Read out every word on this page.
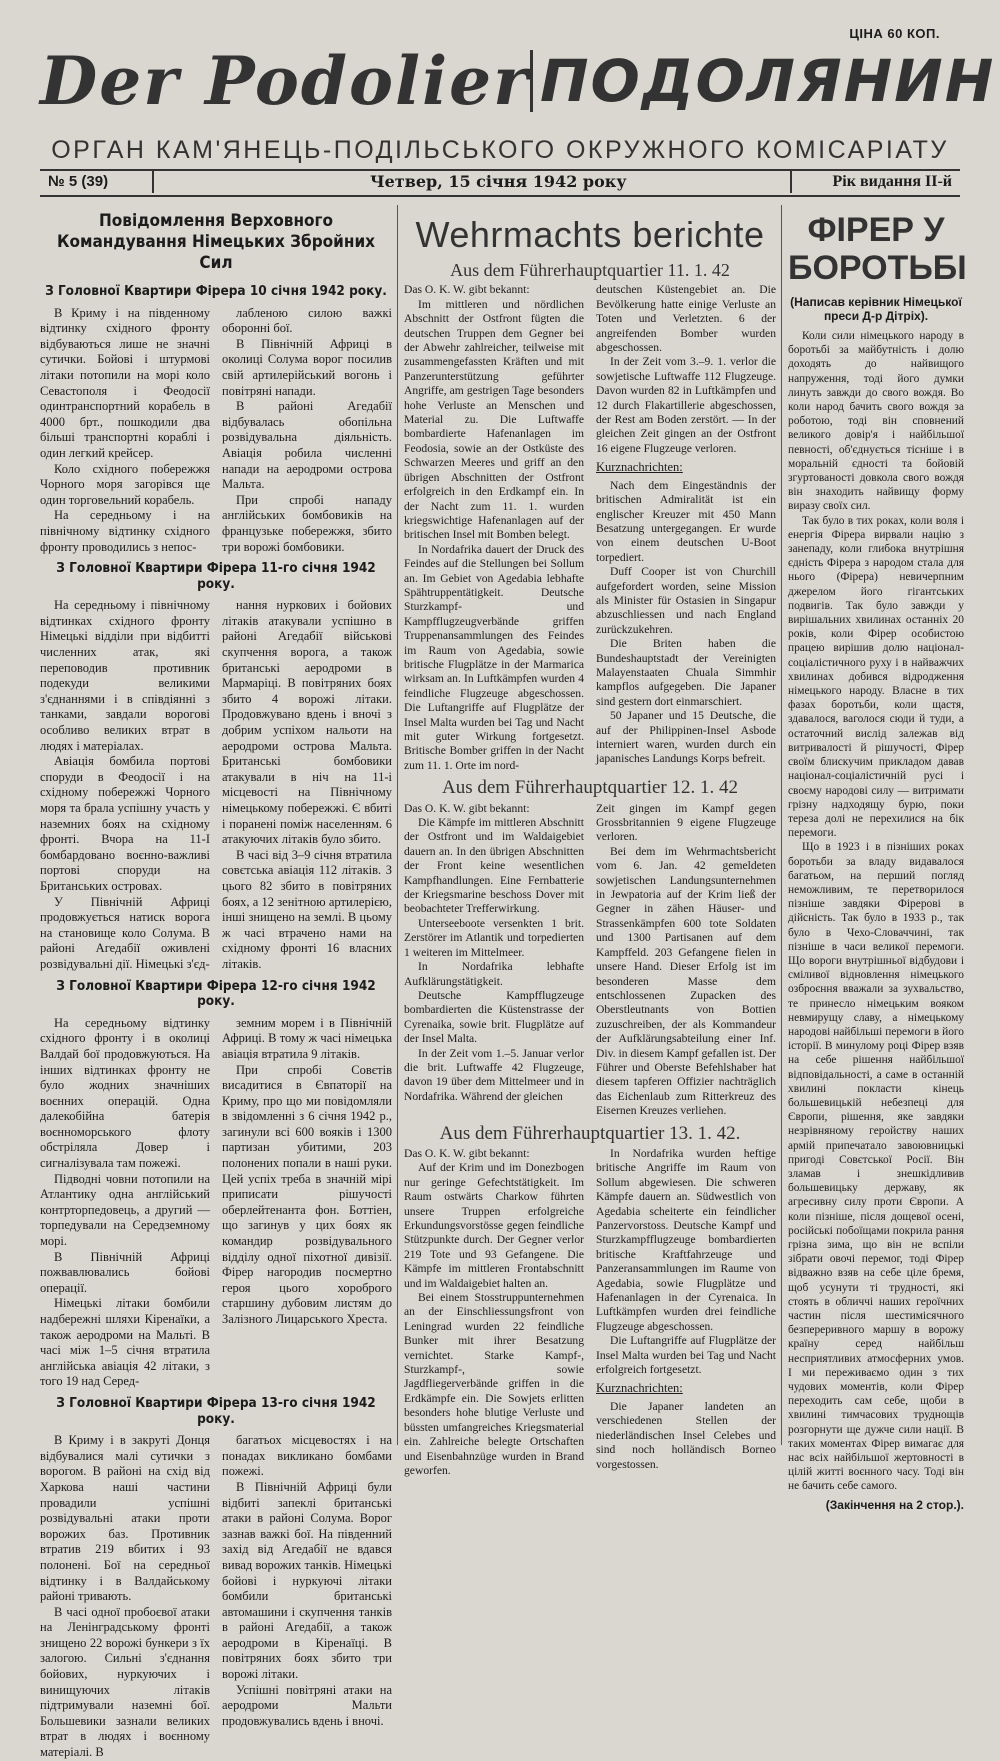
ЦІНА 60 КОП.
Der Podolier ПОДОЛЯНИН
ОРГАН КАМ'ЯНЕЦЬ-ПОДІЛЬСЬКОГО ОКРУЖНОГО КОМІСАРІАТУ
№ 5 (39)	Четвер, 15 січня 1942 року	Рік видання ІІ-й
Повідомлення Верховного Командування Німецьких Збройних Сил
З Головної Квартири Фірера 10 січня 1942 року.

В Криму і на південному відтинку східного фронту відбуваються лише не значні сутички. Бойові і штурмові літаки потопили на морі коло Севастополя і Феодосії одинтранспортний корабель в 4000 брт., пошкодили два більші транспортні кораблі і один легкий крейсер.

Коло східного побережжя Чорного моря загорівся ще один торговельний корабель.

На середньому і на північному відтинку східного фронту проводились з непос-

лабленою силою важкі оборонні бої.

В Північній Африці в околиці Солума ворог посилив свій артилерійський вогонь і повітряні напади.

В районі Агедабії відбувалась обопільна розвідувальна діяльність. Авіація робила численні напади на аеродроми острова Мальта.

При спробі нападу англійських бомбовиків на французьке побережжя, збито три ворожі бомбовики.

З Головної Квартири Фірера 11-го січня 1942 року.

На середньому і північному відтинках східного фронту Німецькі відділи при відбитті численних атак, які переповодив противник подекуди великими з'єднаннями і в співдіянні з танками, завдали ворогові особливо великих втрат в людях і матеріалах.

Авіація бомбила портові споруди в Феодосії і на східному побережжі Чорного моря та брала успішну участь у наземних боях на східному фронті. Вчора на 11-І бомбардовано воєнно-важливі портові споруди на Британських островах.

У Північній Африці продовжується натиск ворога на становище коло Солума. В районі Агедабії оживлені розвідувальні дії. Німецькі з'єд-

нання нуркових і бойових літаків атакували успішно в районі Агедабії військові скупчення ворога, а також британські аеродроми в Мармаріці. В повітряних боях збито 4 ворожі літаки. Продовжувано вдень і вночі з добрим успіхом нальоти на аеродроми острова Мальта. Британські бомбовики атакували в ніч на 11-і місцевості на Північному німецькому побережжі. Є вбиті і поранені поміж населенням. 6 атакуючих літаків було збито.

В часі від 3–9 січня втратила совєтська авіація 112 літаків. З цього 82 збито в повітряних боях, а 12 зенітною артилерією, інші знищено на землі. В цьому ж часі втрачено нами на східному фронті 16 власних літаків.

З Головної Квартири Фірера 12-го січня 1942 року.

На середньому відтинку східного фронту і в околиці Валдай бої продовжуються. На інших відтинках фронту не було жодних значніших воєнних операцій. Одна далекобійна батерія воєнноморського флоту обстріляла Довер і сигналізувала там пожежі.

Підводні човни потопили на Атлантику одна англійський контрторпедовець, а другий — торпедували на Середземному морі.

В Північній Африці пожвавлювались бойові операції.

Німецькі літаки бомбили надбережні шляхи Кіренаїки, а також аеродроми на Мальті. В часі між 1–5 січня втратила англійська авіація 42 літаки, з того 19 над Серед-

земним морем і в Північній Африці. В тому ж часі німецька авіація втратила 9 літаків.

При спробі Совєтів висадитися в Євпаторії на Криму, про що ми повідомляли в звідомленні з 6 січня 1942 р., загинули всі 600 вояків і 1300 партизан убитими, 203 полонених попали в наші руки. Цей успіх треба в значній мірі приписати рішучості оберлейтенанта фон. Боттіен, що загинув у цих боях як командир розвідувального відділу одної піхотної дивізії. Фірер нагородив посмертно героя цього хороброго старшину дубовим листям до Залізного Лицарського Хреста.

З Головної Квартири Фірера 13-го січня 1942 року.

В Криму і в закруті Донця відбувалися малі сутички з ворогом. В районі на схід від Харкова наші частини провадили успішні розвідувальні атаки проти ворожих баз. Противник втратив 219 вбитих і 93 полонені. Бої на середньої відтинку і в Валдайському районі тривають.

В часі одної пробоєвої атаки на Ленінградському фронті знищено 22 ворожі бункери з їх залогою. Сильні з'єднання бойових, нуркуючих і винищуючих літаків підтримували наземні бої. Большевики зазнали великих втрат в людях і воєнному матеріалі. В

багатьох місцевостях і на понадах викликано бомбами пожежі.

В Північній Африці були відбиті запеклі британські атаки в районі Солума. Ворог зазнав важкі бої. На південний захід від Агедабії не вдався вивад ворожих танків. Німецькі бойові і нуркуючі літаки бомбили британські автомашини і скупчення танків в районі Агедабії, а також аеродроми в Кіренаїці. В повітряних боях збито три ворожі літаки.

Успішні повітряні атаки на аеродроми Мальти продовжувались вдень і вночі.

Wehrmachts berichte
Aus dem Führerhauptquartier 11. 1. 42

Das O. K. W. gibt bekannt:

Im mittleren und nördlichen Abschnitt der Ostfront fügten die deutschen Truppen dem Gegner bei der Abwehr zahlreicher, teilweise mit zusammengefassten Kräften und mit Panzerunterstützung geführter Angriffe, am gestrigen Tage besonders hohe Verluste an Menschen und Material zu. Die Luftwaffe bombardierte Hafenanlagen im Feodosia, sowie an der Ostküste des Schwarzen Meeres und griff an den übrigen Abschnitten der Ostfront erfolgreich in den Erdkampf ein. In der Nacht zum 11. 1. wurden kriegswichtige Hafenanlagen auf der britischen Insel mit Bomben belegt.

In Nordafrika dauert der Druck des Feindes auf die Stellungen bei Sollum an. Im Gebiet von Agedabia lebhafte Spähtruppentätigkeit. Deutsche Sturzkampf- und Kampfflugzeugverbände griffen Truppenansammlungen des Feindes im Raum von Agedabia, sowie britische Flugplätze in der Marmarica wirksam an. In Luftkämpfen wurden 4 feindliche Flugzeuge abgeschossen. Die Luftangriffe auf Flugplätze der Insel Malta wurden bei Tag und Nacht mit guter Wirkung fortgesetzt. Britische Bomber griffen in der Nacht zum 11. 1. Orte im nord-

deutschen Küstengebiet an. Die Bevölkerung hatte einige Verluste an Toten und Verletzten. 6 der angreifenden Bomber wurden abgeschossen.

In der Zeit vom 3.–9. 1. verlor die sowjetische Luftwaffe 112 Flugzeuge. Davon wurden 82 in Luftkämpfen und 12 durch Flakartillerie abgeschossen, der Rest am Boden zerstört. — In der gleichen Zeit gingen an der Ostfront 16 eigene Flugzeuge verloren.

Kurznachrichten:

Nach dem Eingeständnis der britischen Admiralität ist ein englischer Kreuzer mit 450 Mann Besatzung untergegangen. Er wurde von einem deutschen U-Boot torpediert.

Duff Cooper ist von Churchill aufgefordert worden, seine Mission als Minister für Ostasien in Singapur abzuschliessen und nach England zurückzukehren.

Die Briten haben die Bundeshauptstadt der Vereinigten Malayenstaaten Chuala Simmhir kampflos aufgegeben. Die Japaner sind gestern dort einmarschiert.

50 Japaner und 15 Deutsche, die auf der Philippinen-Insel Asbode interniert waren, wurden durch ein japanisches Landungs Korps befreit.

Aus dem Führerhauptquartier 12. 1. 42

Das O. K. W. gibt bekannt:

Die Kämpfe im mittleren Abschnitt der Ostfront und im Waldaigebiet dauern an. In den übrigen Abschnitten der Front keine wesentlichen Kampfhandlungen. Eine Fernbatterie der Kriegsmarine beschoss Dover mit beobachteter Trefferwirkung.

Unterseeboote versenkten 1 brit. Zerstörer im Atlantik und torpedierten 1 weiteren im Mittelmeer.

In Nordafrika lebhafte Aufklärungstätigkeit.

Deutsche Kampfflugzeuge bombardierten die Küstenstrasse der Cyrenaika, sowie brit. Flugplätze auf der Insel Malta.

In der Zeit vom 1.–5. Januar verlor die brit. Luftwaffe 42 Flugzeuge, davon 19 über dem Mittelmeer und in Nordafrika. Während der gleichen

Zeit gingen im Kampf gegen Grossbritannien 9 eigene Flugzeuge verloren.

Bei dem im Wehrmachtsbericht vom 6. Jan. 42 gemeldeten sowjetischen Landungsunternehmen in Jewpatoria auf der Krim ließ der Gegner in zähen Häuser- und Strassenkämpfen 600 tote Soldaten und 1300 Partisanen auf dem Kampffeld. 203 Gefangene fielen in unsere Hand. Dieser Erfolg ist im besonderen Masse dem entschlossenen Zupacken des Oberstleutnants von Bottien zuzuschreiben, der als Kommandeur der Aufklärungsabteilung einer Inf. Div. in diesem Kampf gefallen ist. Der Führer und Oberste Befehlshaber hat diesem tapferen Offizier nachträglich das Eichenlaub zum Ritterkreuz des Eisernen Kreuzes verliehen.

Aus dem Führerhauptquartier 13. 1. 42.

Das O. K. W. gibt bekannt:

Auf der Krim und im Donezbogen nur geringe Gefechtstätigkeit. Im Raum ostwärts Charkow führten unsere Truppen erfolgreiche Erkundungsvorstösse gegen feindliche Stützpunkte durch. Der Gegner verlor 219 Tote und 93 Gefangene. Die Kämpfe im mittleren Frontabschnitt und im Waldaigebiet halten an.

Bei einem Stosstruppunternehmen an der Einschliessungsfront von Leningrad wurden 22 feindliche Bunker mit ihrer Besatzung vernichtet. Starke Kampf-, Sturzkampf-, sowie Jagdfliegerverbände griffen in die Erdkämpfe ein. Die Sowjets erlitten besonders hohe blutige Verluste und büssten umfangreiches Kriegsmaterial ein. Zahlreiche belegte Ortschaften und Eisenbahnzüge wurden in Brand geworfen.

In Nordafrika wurden heftige britische Angriffe im Raum von Sollum abgewiesen. Die schweren Kämpfe dauern an. Südwestlich von Agedabia scheiterte ein feindlicher Panzervorstoss. Deutsche Kampf und Sturzkampfflugzeuge bombardierten britische Kraftfahrzeuge und Panzeransammlungen im Raume von Agedabia, sowie Flugplätze und Hafenanlagen in der Cyrenaica. In Luftkämpfen wurden drei feindliche Flugzeuge abgeschossen.

Die Luftangriffe auf Flugplätze der Insel Malta wurden bei Tag und Nacht erfolgreich fortgesetzt.

Kurznachrichten:

Die Japaner landeten an verschiedenen Stellen der niederländischen Insel Celebes und sind noch holländisch Borneo vorgestossen.

ФІРЕР У БОРОТЬБІ
(Написав керівник Німецької преси Д-р Дітріх).

Коли сили німецького народу в боротьбі за майбутність і долю доходять до найвищого напруження, тоді його думки линуть завжди до свого вождя. Во коли народ бачить свого вождя за роботою, тоді він сповнений великого довір'я і найбільшої певності, об'єднується тісніше і в моральній єдності та бойовій згуртованості довкола свого вождя він знаходить найвищу форму виразу своїх сил.

Так було в тих роках, коли воля і енергія Фірера вирвали націю з занепаду, коли глибока внутрішня єдність Фірера з народом стала для нього (Фірера) невичерпним джерелом його гігантських подвигів. Так було завжди у вирішальних хвилинах останніх 20 років, коли Фірер особистою працею вирішив долю націонал-соціалістичного руху і в найважчих хвилинах добився відродження німецького народу. Власне в тих фазах боротьби, коли щастя, здавалося, ваголося сюди й туди, а остаточний вислід залежав від витривалості й рішучості, Фірер своїм блискучим прикладом давав націонал-соціалістичній русі і своєму народові силу — витримати грізну надходящу бурю, поки тереза долі не перехилися на бік перемоги.

Що в 1923 і в пізніших роках боротьби за владу видавалося багатьом, на перший погляд неможливим, те перетворилося пізніше завдяки Фірерові в дійсність. Так було в 1933 р., так було в Чехо-Словаччині, так пізніше в часи великої перемоги. Що вороги внутрішньої відбудови і сміливої відновлення німецького озброєння вважали за зухвальство, те принесло німецьким вояком невмирущу славу, а німецькому народові найбільші перемоги в його історії. В минулому році Фірер взяв на себе рішення найбільшої відповідальності, а саме в останній хвилині покласти кінець большевицькій небезпеці для Європи, рішення, яке завдяки незрівняному геройству наших армій припечатало завоювницькі пригоді Совєтської Росії. Він зламав і знешкідливив большевицьку державу, як агресивну силу проти Європи. А коли пізніше, після дощевої осені, російські побоїщами покрила рання грізна зима, що він не вспіли зібрати овочі перемог, тоді Фірер відважно взяв на себе ціле бремя, щоб усунути ті трудності, які стоять в обличчі наших героїчних частин після шестимісячного безпереривного маршу в ворожу країну серед найбільш несприятливих атмосферних умов. І ми переживаємо один з тих чудових моментів, коли Фірер переходить сам себе, щоби в хвилині тимчасових труднощів розгорнути ще дужче сили нації. В таких моментах Фірер вимагає для нас всіх найбільшої жертовності в цілій житті воєнного часу. Тоді він не бачить себе самого.

(Закінчення на 2 стор.).
